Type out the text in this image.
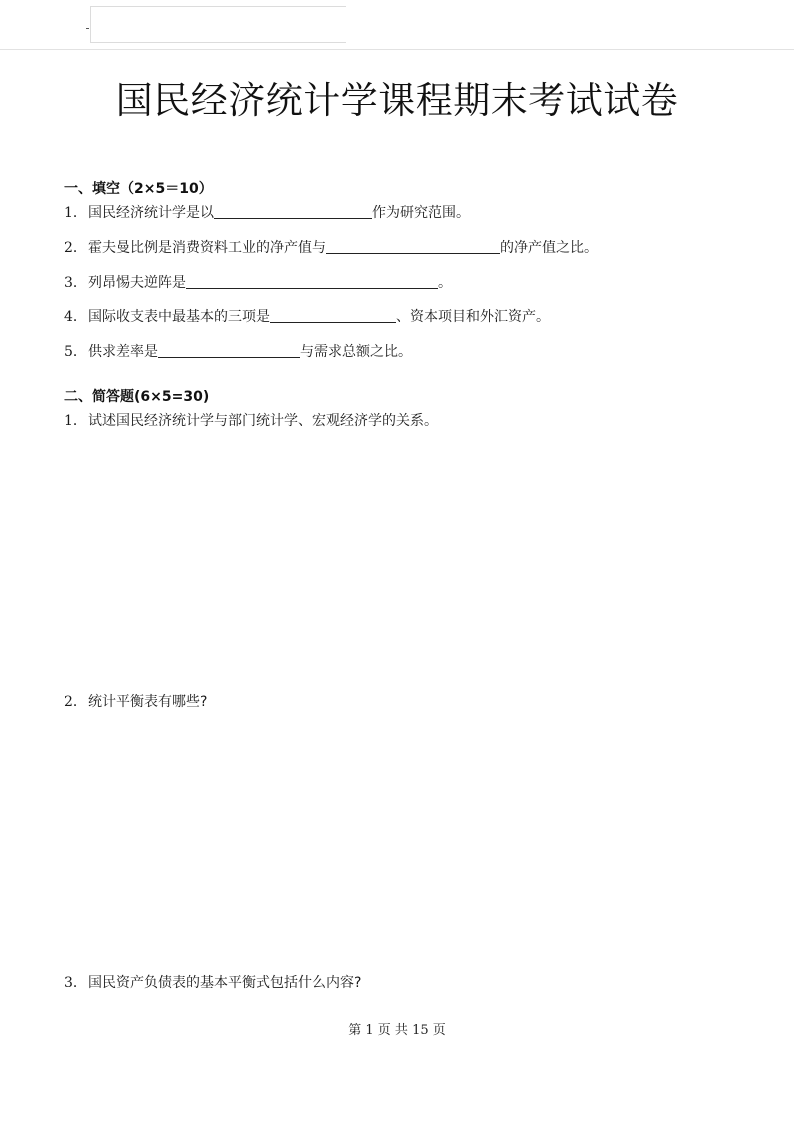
国民经济统计学课程期末考试试卷
一、填空（2×5＝10）
1．国民经济统计学是以	作为研究范围。
2．霍夫曼比例是消费资料工业的净产值与	的净产值之比。
3．列昂惕夫逆阵是	。
4．国际收支表中最基本的三项是	、资本项目和外汇资产。
5．供求差率是	与需求总额之比。
二、简答题(6×5=30)
1．试述国民经济统计学与部门统计学、宏观经济学的关系。
2．统计平衡表有哪些?
3．国民资产负债表的基本平衡式包括什么内容?
第 1 页 共 15 页
